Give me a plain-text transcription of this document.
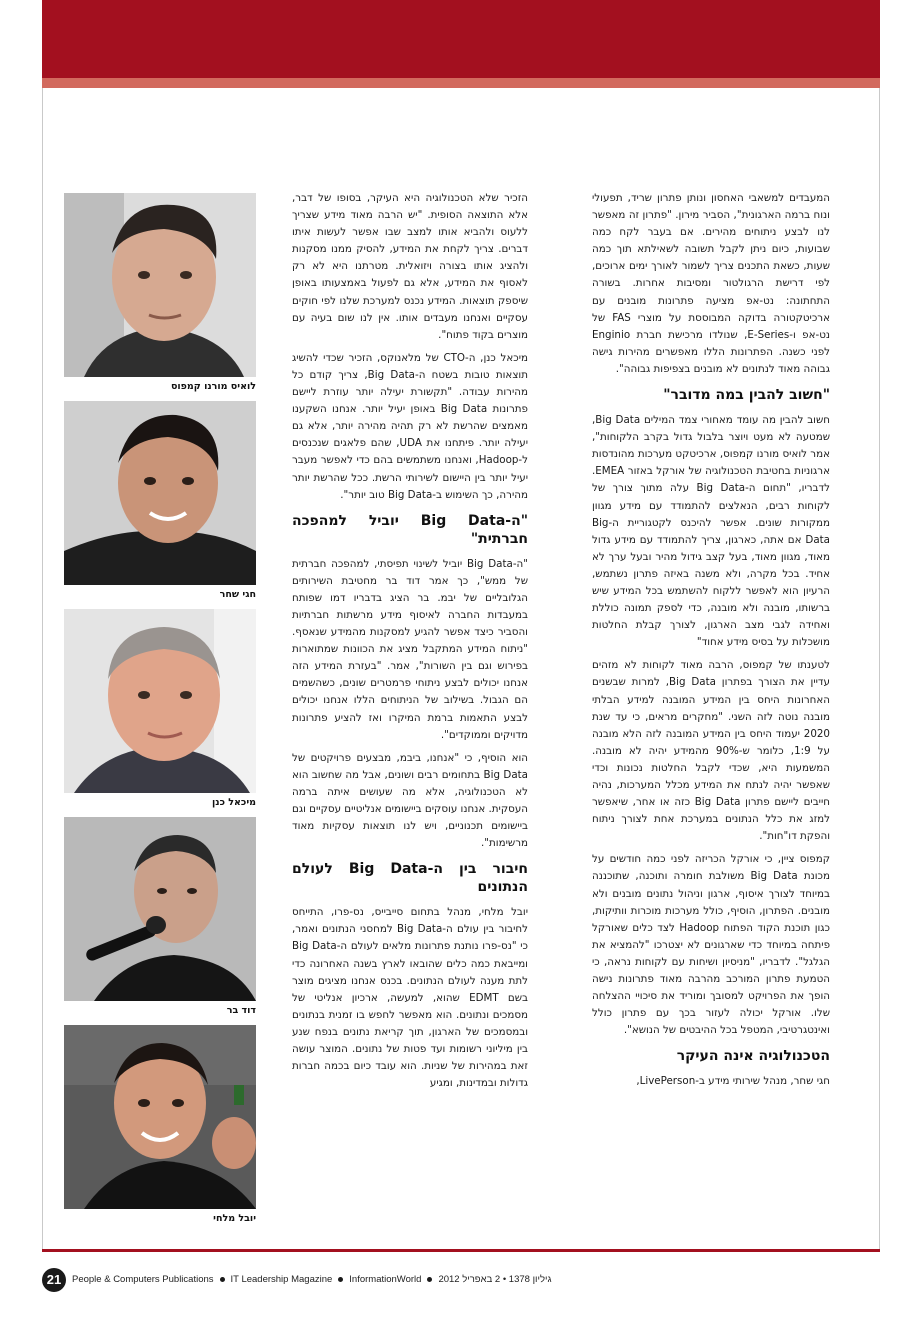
המעבדים למשאבי האחסון ונותן פתרון שריד, תפעולי ונוח ברמה הארגונית", הסביר מירון. "פתרון זה מאפשר לנו לבצע ניתוחים מהירים. אם בעבר לקח כמה שבועות, כיום ניתן לקבל תשובה לשאילתא תוך כמה שעות, כשאת התכנים צריך לשמור לאורך ימים ארוכים, לפי דרישת הרגולטור ומסיבות אחרות. בשורה התחתונה: נט-אפ מציעה פתרונות מובנים עם ארכיטקטורה בדוקה המבוססת על מוצרי FAS של נט-אפ ו-E-Series, שנולדו מרכישת חברת Enginio לפני כשנה. הפתרונות הללו מאפשרים מהירות גישה גבוהה מאוד לנתונים לא מובנים בצפיפות גבוהה".

"חשוב להבין במה מדובר"

חשוב להבין מה עומד מאחורי צמד המילים Big Data, שמטעה לא מעט ויוצר בלבול גדול בקרב הלקוחות", אמר לואיס מורנו קמפוס, ארכיטקט מערכות מהונדסות ארגוניות בחטיבת הטכנולוגיה של אורקל באזור EMEA. לדבריו, "תחום ה-Big Data עלה מתוך צורך של לקוחות רבים, הנאלצים להתמודד עם מידע מגוון ממקורות שונים. אפשר להיכנס לקטגוריית ה-Big Data אם אתה, כארגון, צריך להתמודד עם מידע גדול מאוד, מגוון מאוד, בעל קצב גידול מהיר ובעל ערך לא אחיד. בכל מקרה, ולא משנה באיזה פתרון נשתמש, הרעיון הוא לאפשר ללקוח להשתמש בכל המידע שיש ברשותו, מובנה ולא מובנה, כדי לספק תמונה כוללת ואחידה לגבי מצב הארגון, לצורך קבלת החלטות מושכלות על בסיס מידע אחוד"

לטענתו של קמפוס, הרבה מאוד לקוחות לא מזהים עדיין את הצורך בפתרון Big Data, למרות שבשנים האחרונות היחס בין המידע המובנה למידע הבלתי מובנה נוטה לזה השני. "מחקרים מראים, כי עד שנת 2020 יעמוד היחס בין המידע המובנה לזה הלא מובנה על 1:9, כלומר ש-90% מהמידע יהיה לא מובנה. המשמעות היא, שכדי לקבל החלטות נכונות וכדי שאפשר יהיה לנתח את המידע מכלל המערכות, נהיה חייבים ליישם פתרון Big Data כזה או אחר, שיאפשר למזג את כלל הנתונים במערכת אחת לצורך ניתוח והפקת דו"חות".

קמפוס ציין, כי אורקל הכריזה לפני כמה חודשים על מכונת Big Data משולבת חומרה ותוכנה, שתוכננה במיוחד לצורך איסוף, ארגון וניהול נתונים מובנים ולא מובנים. הפתרון, הוסיף, כולל מערכות מוכרות וותיקות, כגון תוכנת הקוד הפתוח Hadoop לצד כלים שאורקל פיתחה במיוחד כדי שארגונים לא יצטרכו "להמציא את הגלגל". לדבריו, "מניסיון ושיחות עם לקוחות נראה, כי הטמעת פתרון המורכב מהרבה מאוד פתרונות נישה הופך את הפרויקט למסובך ומוריד את סיכויי ההצלחה שלו. אורקל יכולה לעזור בכך עם פתרון כולל ואינטגרטיבי, המטפל בכל ההיבטים של הנושא".

הטכנולוגיה אינה העיקר

חגי שחר, מנהל שירותי מידע ב-LivePerson,

הזכיר שלא הטכנולוגיה היא העיקר, בסופו של דבר, אלא התוצאה הסופית. "יש הרבה מאוד מידע שצריך ללעוס ולהביא אותו למצב שבו אפשר לעשות איתו דברים. צריך לקחת את המידע, להסיק ממנו מסקנות ולהציג אותו בצורה ויזואלית. מטרתנו היא לא רק לאסוף את המידע, אלא גם לפעול באמצעותו באופן שיספק תוצאות. המידע נכנס למערכת שלנו לפי חוקים עסקיים ואנחנו מעבדים אותו. אין לנו שום בעיה עם מוצרים בקוד פתוח".

מיכאל כנן, ה-CTO של מלאנוקס, הזכיר שכדי להשיג תוצאות טובות בשטח ה-Big Data, צריך קודם כל מהירות עבודה. "תקשורת יעילה יותר עוזרת ליישם פתרונות Big Data באופן יעיל יותר. אנחנו השקענו מאמצים שהרשת לא רק תהיה מהירה יותר, אלא גם יעילה יותר. פיתחנו את UDA, שהם פלאגים שנכנסים ל-Hadoop, ואנחנו משתמשים בהם כדי לאפשר מעבר יעיל יותר בין היישום לשירותי הרשת. ככל שהרשת יותר מהירה, כך השימוש ב-Big Data טוב יותר".

"ה-Big Data יוביל למהפכה חברתית"

"ה-Big Data יוביל לשינוי תפיסתי, למהפכה חברתית של ממש", כך אמר דוד בר מחטיבת השירותים הגלובליים של יבמ. בר הציג בדבריו דמו שפותח במעבדות החברה לאיסוף מידע מרשתות חברתיות והסביר כיצד אפשר להגיע למסקנות מהמידע שנאסף. "ניתוח המידע המתקבל מציג את הכוונות שמתוארות בפירוש וגם בין השורות", אמר. "בעזרת המידע הזה אנחנו יכולים לבצע ניתוחי פרמטרים שונים, כשהשמים הם הגבול. בשילוב של הניתוחים הללו אנחנו יכולים לבצע התאמות ברמת המיקרו ואז להציע פתרונות מדויקים וממוקדים".

הוא הוסיף, כי "אנחנו, ביבמ, מבצעים פרויקטים של Big Data בתחומים רבים ושונים, אבל מה שחשוב הוא לא הטכנולוגיה, אלא מה שעושים איתה ברמה העסקית. אנחנו עוסקים ביישומים אנליטיים עסקיים וגם ביישומים תכנוניים, ויש לנו תוצאות עסקיות מאוד מרשימות".

חיבור בין ה-Big Data לעולם הנתונים

יובל מלחי, מנהל בתחום סייבייס, נס-פרו, התייחס לחיבור בין עולם ה-Big Data למחסני הנתונים ואמר, כי "נס-פרו נותנת פתרונות מלאים לעולם ה-Big Data ומייבאת כמה כלים שהובאו לארץ בשנה האחרונה כדי לתת מענה לעולם הנתונים. בכנס אנחנו מציגים מוצר בשם EDMT שהוא, למעשה, ארכיון אנליטי של מסמכים ונתונים. הוא מאפשר לחפש בו זמנית בנתונים ובמסמכים של הארגון, תוך קריאת נתונים בנפח שנע בין מיליוני רשומות ועד פטות של נתונים. המוצר עושה זאת במהירות של שניות. הוא עובד כיום בכמה חברות גדולות ובמדינות, ומגיע

לואיס מורנו קמפוס
חגי שחר
מיכאל כנן
דוד בר
יובל מלחי
21	People & Computers Publications IT Leadership Magazine InformationWorld גיליון 1378 • 2 באפריל 2012
